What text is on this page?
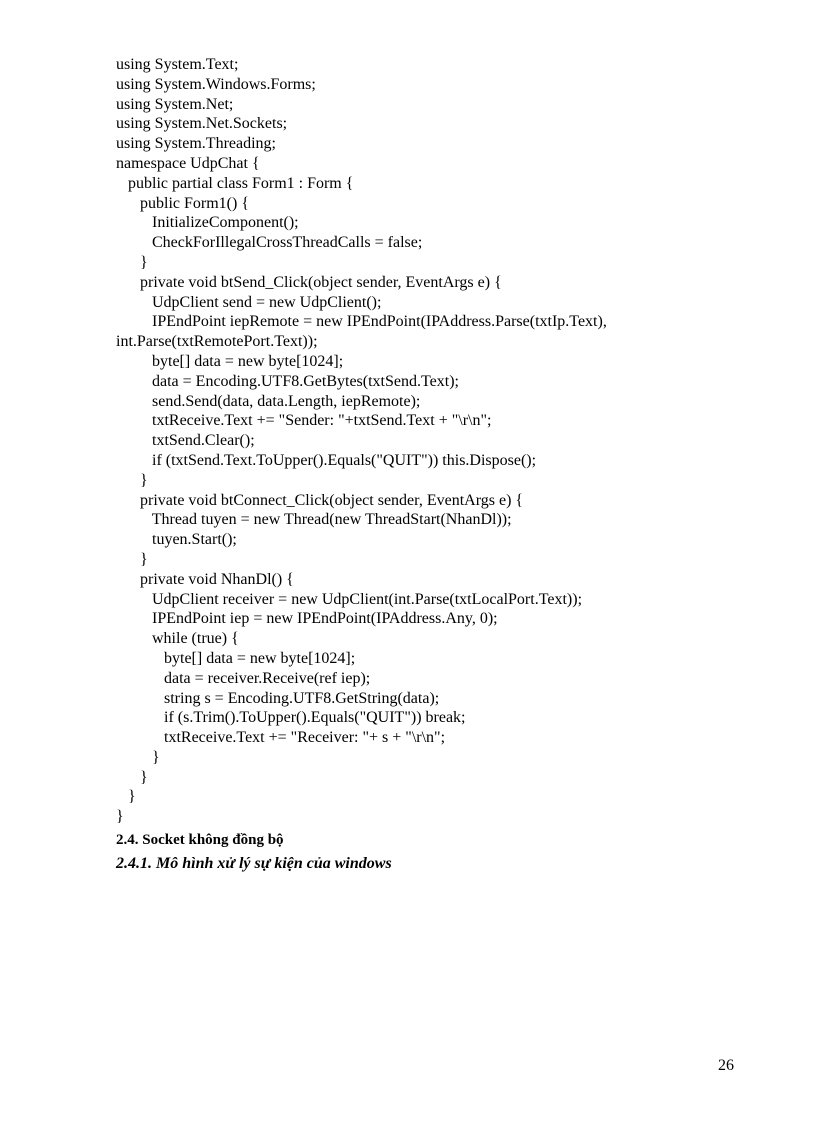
using System.Text;
using System.Windows.Forms;
using System.Net;
using System.Net.Sockets;
using System.Threading;
namespace UdpChat {
public partial class Form1 : Form {
public Form1() {
InitializeComponent();
CheckForIllegalCrossThreadCalls = false;
}
private void btSend_Click(object sender, EventArgs e) {
UdpClient send = new UdpClient();
IPEndPoint iepRemote = new IPEndPoint(IPAddress.Parse(txtIp.Text),
int.Parse(txtRemotePort.Text));
byte[] data = new byte[1024];
data = Encoding.UTF8.GetBytes(txtSend.Text);
send.Send(data, data.Length, iepRemote);
txtReceive.Text += "Sender: "+txtSend.Text + "\r\n";
txtSend.Clear();
if (txtSend.Text.ToUpper().Equals("QUIT")) this.Dispose();
}
private void btConnect_Click(object sender, EventArgs e) {
Thread tuyen = new Thread(new ThreadStart(NhanDl));
tuyen.Start();
}
private void NhanDl() {
UdpClient receiver = new UdpClient(int.Parse(txtLocalPort.Text));
IPEndPoint iep = new IPEndPoint(IPAddress.Any, 0);
while (true) {
byte[] data = new byte[1024];
data = receiver.Receive(ref iep);
string s = Encoding.UTF8.GetString(data);
if (s.Trim().ToUpper().Equals("QUIT")) break;
txtReceive.Text += "Receiver: "+ s + "\r\n";
}
}
}
}
2.4. Socket không đồng bộ
2.4.1. Mô hình xử lý sự kiện của windows
26
